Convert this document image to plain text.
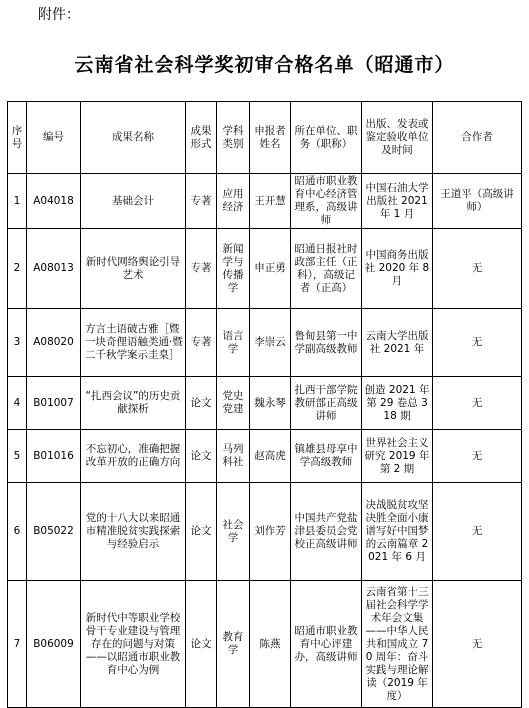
附件：
云南省社会科学奖初审合格名单（昭通市）
序号	编号	成果名称	成果形式	学科类别	申报者姓名	所在单位、职务（职称）	出版、发表或鉴定验收单位及时间	合作者
1	A04018	基础会计	专著	应用经济	王开慧	昭通市职业教育中心经济管理系，高级讲师	中国石油大学出版社 2021 年 1 月	王道平（高级讲师）
2	A08013	新时代网络舆论引导艺术	专著	新闻学与传播学	申正勇	昭通日报社时政部主任（正科），高级记者（正高）	中国商务出版社 2020 年 8 月	无
3	A08020	方言土语破古雅［暨一块奇俚语触类通·暨二千秋学案示圭臬］	专著	语言学	李崇云	鲁甸县第一中学副高级教师	云南大学出版社 2021 年	无
4	B01007	“扎西会议”的历史贡献探析	论文	党史党建	魏永琴	扎西干部学院教研部正高级讲师	创造 2021 年第 29 卷总 318 期	无
5	B01016	不忘初心，准确把握改革开放的正确方向	论文	马列科社	赵高虎	镇雄县母享中学高级教师	世界社会主义研究 2019 年第 2 期	无
6	B05022	党的十八大以来昭通市精准脱贫实践探索与经验启示	论文	社会学	刘作芳	中国共产党盐津县委员会党校正高级讲师	决战脱贫攻坚 决胜全面小康 谱写好中国梦的云南篇章 2021 年 6 月	无
7	B06009	新时代中等职业学校骨干专业建设与管理存在的问题与对策 ——以昭通市职业教育中心为例	论文	教育学	陈燕	昭通市职业教育中心评建办，高级讲师	云南省第十三届社会科学学术年会文集——中华人民共和国成立 70 周年：奋斗实践与理论解读（2019 年度）	无
